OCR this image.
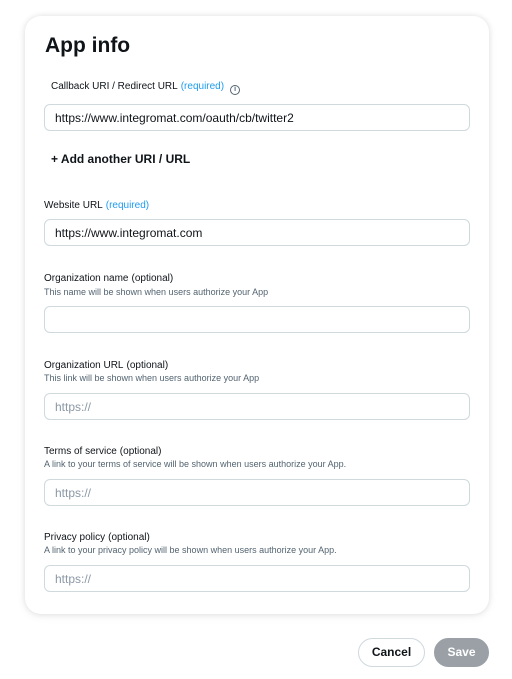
App info
Callback URI / Redirect URL (required) i
https://www.integromat.com/oauth/cb/twitter2
+ Add another URI / URL
Website URL (required)
https://www.integromat.com
Organization name (optional)
This name will be shown when users authorize your App
Organization URL (optional)
This link will be shown when users authorize your App
https://
Terms of service (optional)
A link to your terms of service will be shown when users authorize your App.
https://
Privacy policy (optional)
A link to your privacy policy will be shown when users authorize your App.
https://
Cancel	Save
